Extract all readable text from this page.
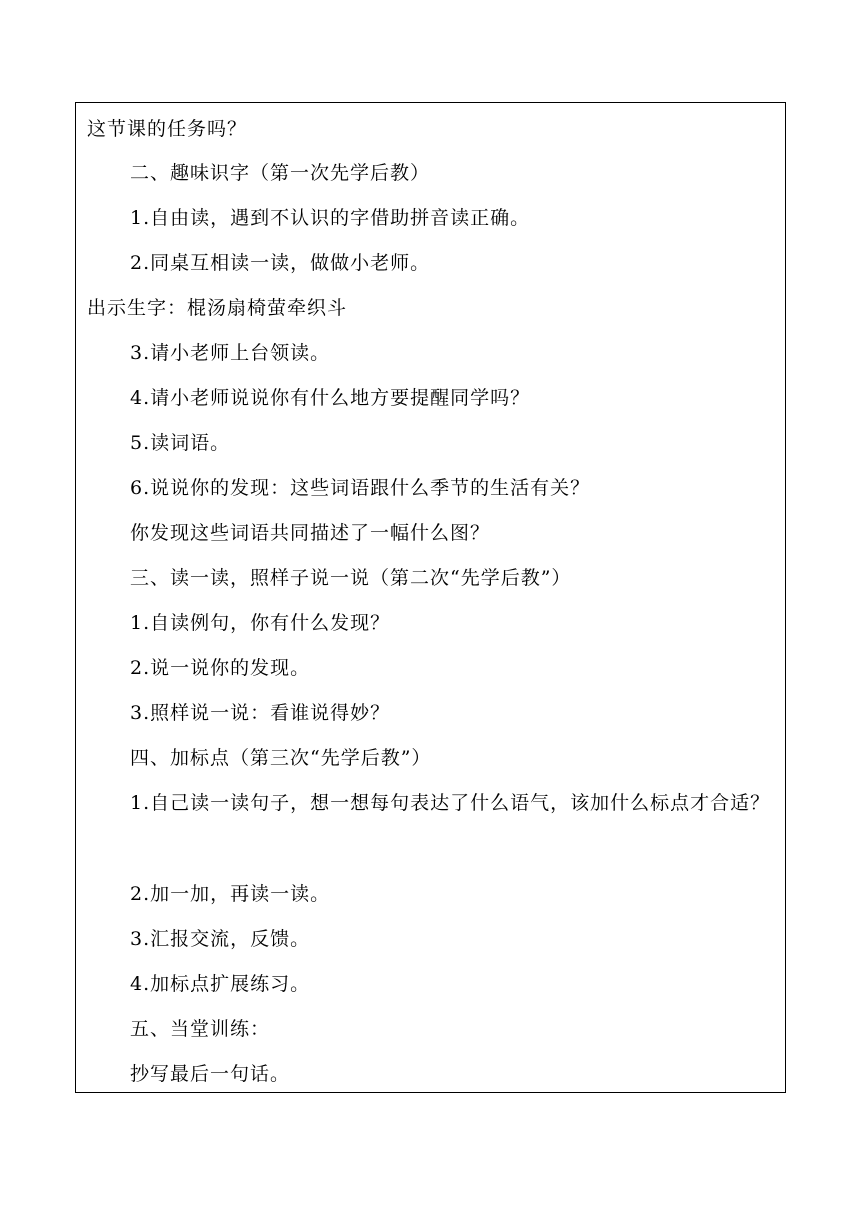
这节课的任务吗？
二、趣味识字（第一次先学后教）
1.自由读，遇到不认识的字借助拼音读正确。
2.同桌互相读一读，做做小老师。
出示生字：棍汤扇椅萤牵织斗
3.请小老师上台领读。
4.请小老师说说你有什么地方要提醒同学吗？
5.读词语。
6.说说你的发现：这些词语跟什么季节的生活有关？
你发现这些词语共同描述了一幅什么图？
三、读一读，照样子说一说（第二次“先学后教”）
1.自读例句，你有什么发现？
2.说一说你的发现。
3.照样说一说：看谁说得妙？
四、加标点（第三次“先学后教”）
1.自己读一读句子，想一想每句表达了什么语气，该加什么标点才合适？
2.加一加，再读一读。
3.汇报交流，反馈。
4.加标点扩展练习。
五、当堂训练：
抄写最后一句话。
